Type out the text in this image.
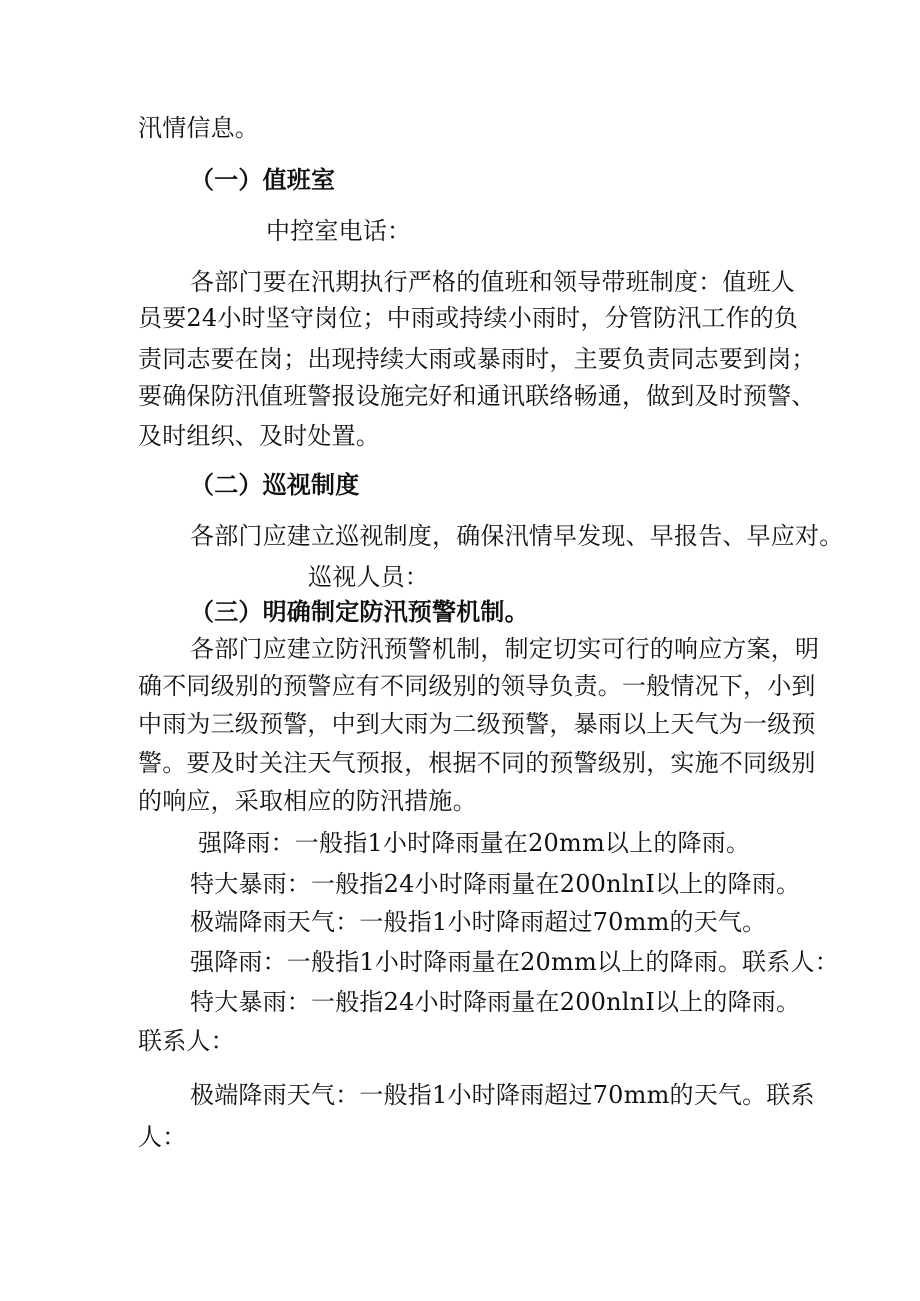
汛情信息。
（一）值班室
中控室电话：
各部门要在汛期执行严格的值班和领导带班制度：值班人
员要24小时坚守岗位；中雨或持续小雨时，分管防汛工作的负
责同志要在岗；出现持续大雨或暴雨时，主要负责同志要到岗；
要确保防汛值班警报设施完好和通讯联络畅通，做到及时预警、
及时组织、及时处置。
（二）巡视制度
各部门应建立巡视制度，确保汛情早发现、早报告、早应对。
巡视人员：
（三）明确制定防汛预警机制。
各部门应建立防汛预警机制，制定切实可行的响应方案，明
确不同级别的预警应有不同级别的领导负责。一般情况下，小到
中雨为三级预警，中到大雨为二级预警，暴雨以上天气为一级预
警。要及时关注天气预报，根据不同的预警级别，实施不同级别
的响应，采取相应的防汛措施。
强降雨：一般指1小时降雨量在20mm以上的降雨。
特大暴雨：一般指24小时降雨量在200nlnI以上的降雨。
极端降雨天气：一般指1小时降雨超过70mm的天气。
强降雨：一般指1小时降雨量在20mm以上的降雨。联系人：
特大暴雨：一般指24小时降雨量在200nlnI以上的降雨。
联系人：
极端降雨天气：一般指1小时降雨超过70mm的天气。联系
人：
